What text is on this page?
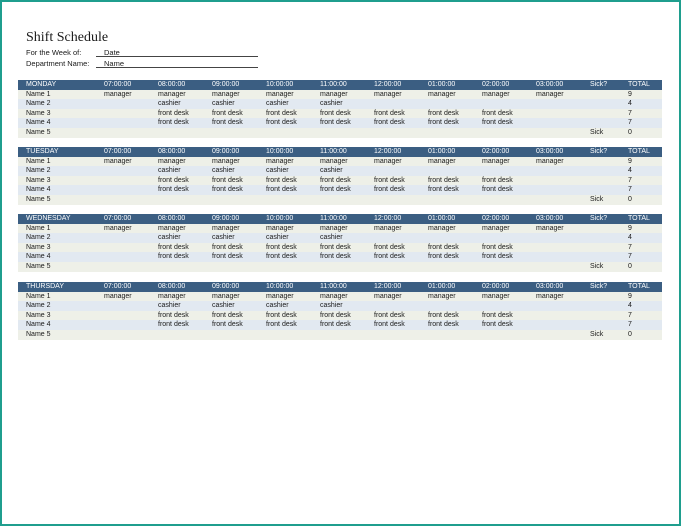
Shift Schedule
For the Week of:	Date
Department Name:	Name
MONDAY	07:00:00	08:00:00	09:00:00	10:00:00	11:00:00	12:00:00	01:00:00	02:00:00	03:00:00	Sick?	TOTAL
Name 1	manager	manager	manager	manager	manager	manager	manager	manager	manager		9
Name 2		cashier	cashier	cashier	cashier						4
Name 3		front desk	front desk	front desk	front desk	front desk	front desk	front desk			7
Name 4		front desk	front desk	front desk	front desk	front desk	front desk	front desk			7
Name 5										Sick	0
TUESDAY	07:00:00	08:00:00	09:00:00	10:00:00	11:00:00	12:00:00	01:00:00	02:00:00	03:00:00	Sick?	TOTAL
Name 1	manager	manager	manager	manager	manager	manager	manager	manager	manager		9
Name 2		cashier	cashier	cashier	cashier						4
Name 3		front desk	front desk	front desk	front desk	front desk	front desk	front desk			7
Name 4		front desk	front desk	front desk	front desk	front desk	front desk	front desk			7
Name 5										Sick	0
WEDNESDAY	07:00:00	08:00:00	09:00:00	10:00:00	11:00:00	12:00:00	01:00:00	02:00:00	03:00:00	Sick?	TOTAL
Name 1	manager	manager	manager	manager	manager	manager	manager	manager	manager		9
Name 2		cashier	cashier	cashier	cashier						4
Name 3		front desk	front desk	front desk	front desk	front desk	front desk	front desk			7
Name 4		front desk	front desk	front desk	front desk	front desk	front desk	front desk			7
Name 5										Sick	0
THURSDAY	07:00:00	08:00:00	09:00:00	10:00:00	11:00:00	12:00:00	01:00:00	02:00:00	03:00:00	Sick?	TOTAL
Name 1	manager	manager	manager	manager	manager	manager	manager	manager	manager		9
Name 2		cashier	cashier	cashier	cashier						4
Name 3		front desk	front desk	front desk	front desk	front desk	front desk	front desk			7
Name 4		front desk	front desk	front desk	front desk	front desk	front desk	front desk			7
Name 5										Sick	0
